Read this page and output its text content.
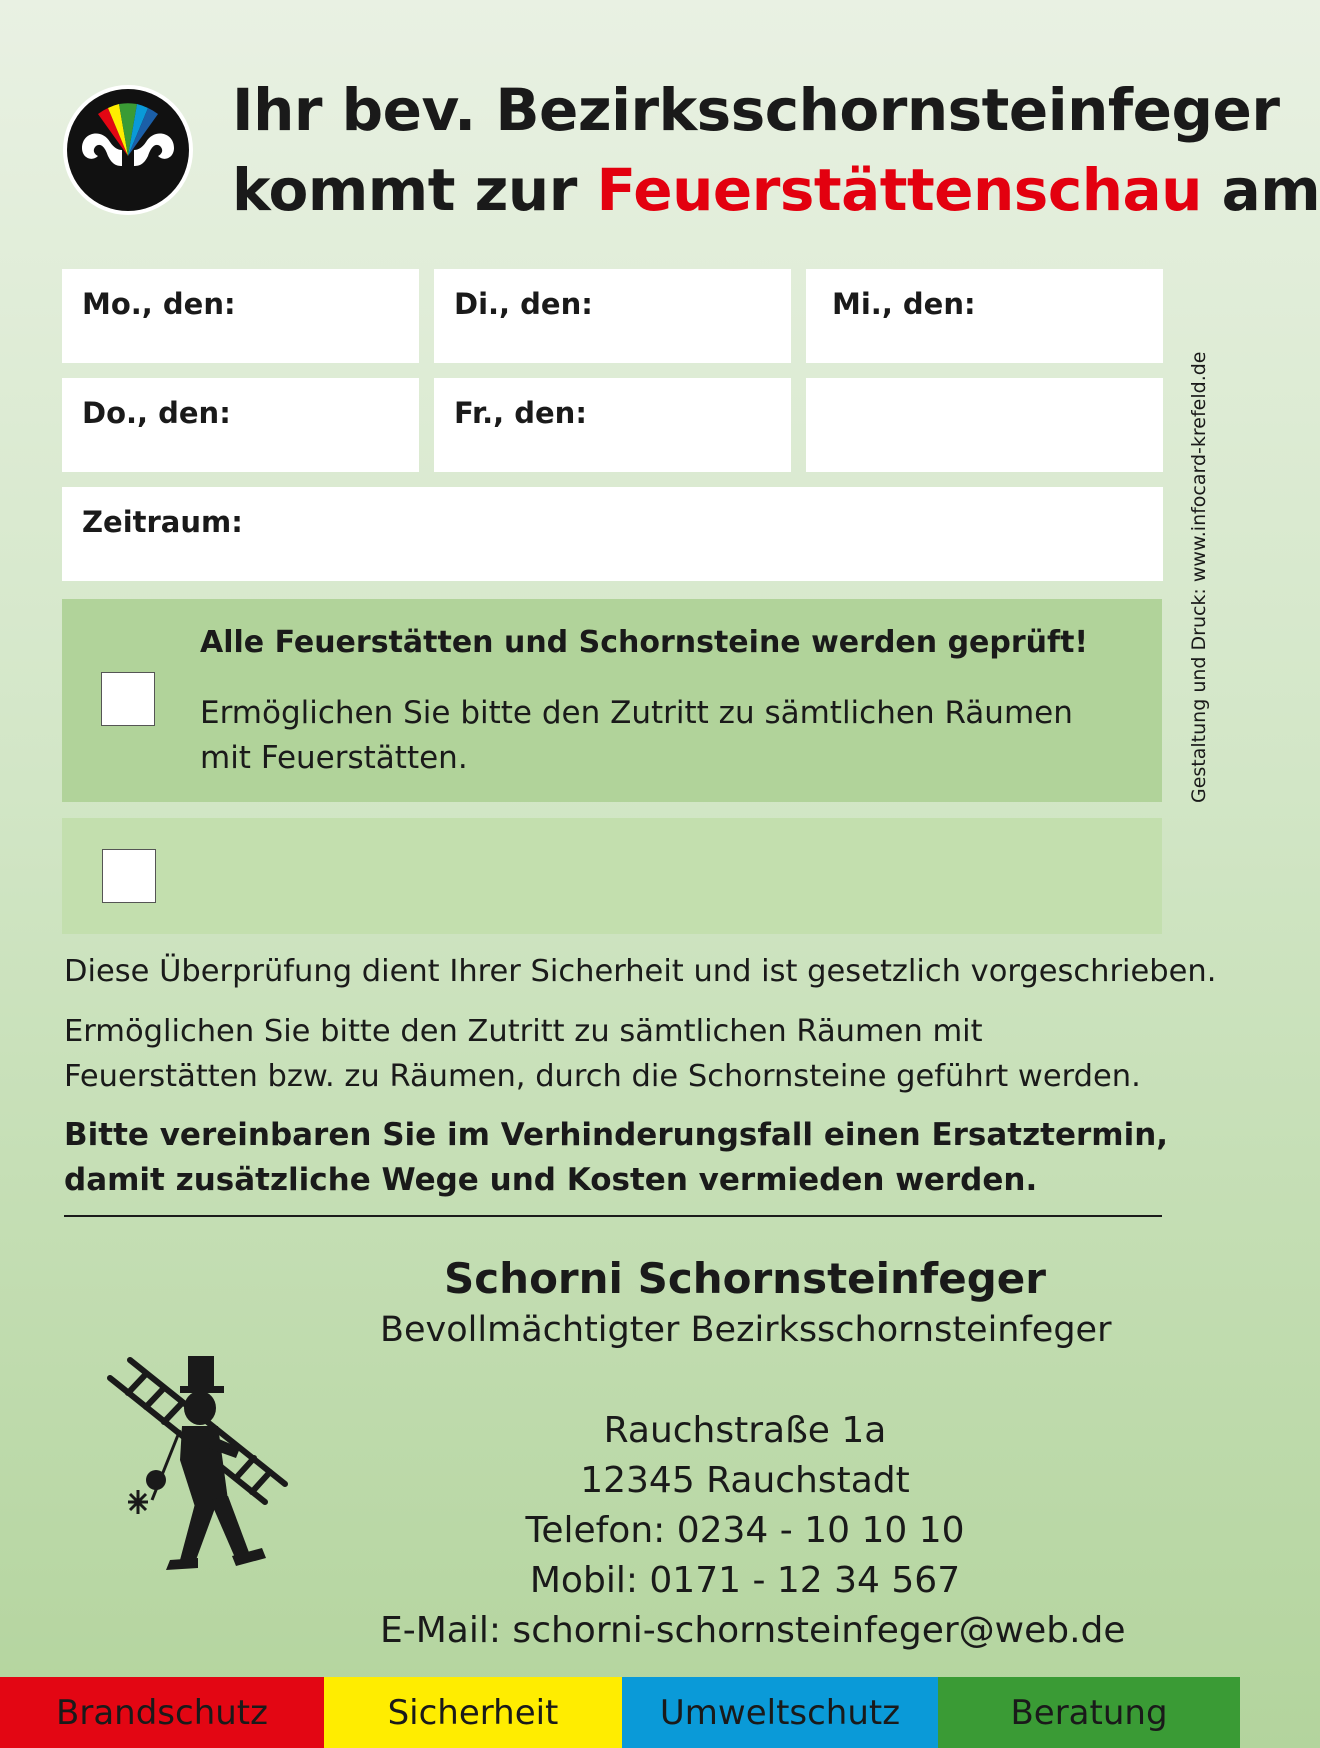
Ihr bev. Bezirksschornsteinfeger
kommt zur Feuerstättenschau am
Mo., den:	Di., den:	Mi., den:
Do., den:	Fr., den:
Zeitraum:
Alle Feuerstätten und Schornsteine werden geprüft!
Ermöglichen Sie bitte den Zutritt zu sämtlichen Räumen mit Feuerstätten.
Diese Überprüfung dient Ihrer Sicherheit und ist gesetzlich vorgeschrieben.
Ermöglichen Sie bitte den Zutritt zu sämtlichen Räumen mit Feuerstätten bzw. zu Räumen, durch die Schornsteine geführt werden.
Bitte vereinbaren Sie im Verhinderungsfall einen Ersatztermin, damit zusätzliche Wege und Kosten vermieden werden.
Schorni Schornsteinfeger
Bevollmächtigter Bezirksschornsteinfeger
Rauchstraße 1a
12345 Rauchstadt
Telefon: 0234 - 10 10 10
Mobil: 0171 - 12 34 567
E-Mail: schorni-schornsteinfeger@web.de
Gestaltung und Druck: www.infocard-krefeld.de
Brandschutz	Sicherheit	Umweltschutz	Beratung
